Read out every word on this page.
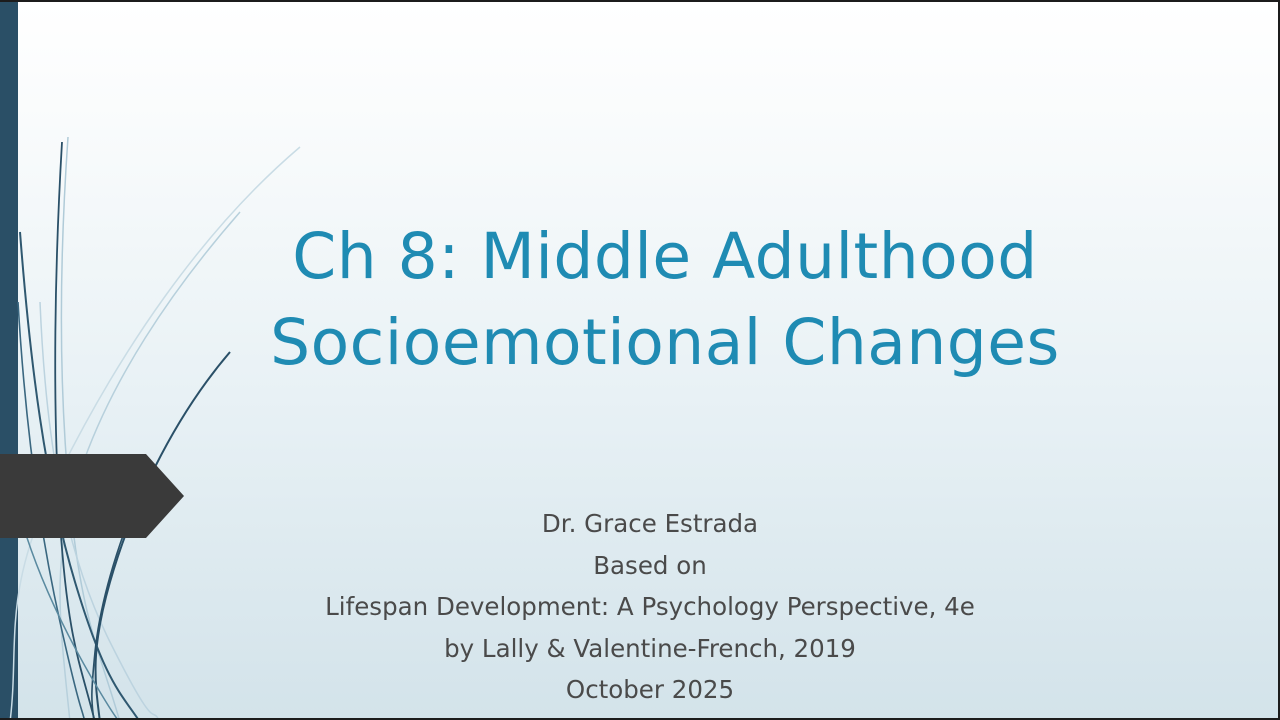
Ch 8: Middle Adulthood
Socioemotional Changes
Dr. Grace Estrada
Based on
Lifespan Development: A Psychology Perspective, 4e
by Lally & Valentine-French, 2019
October 2025
